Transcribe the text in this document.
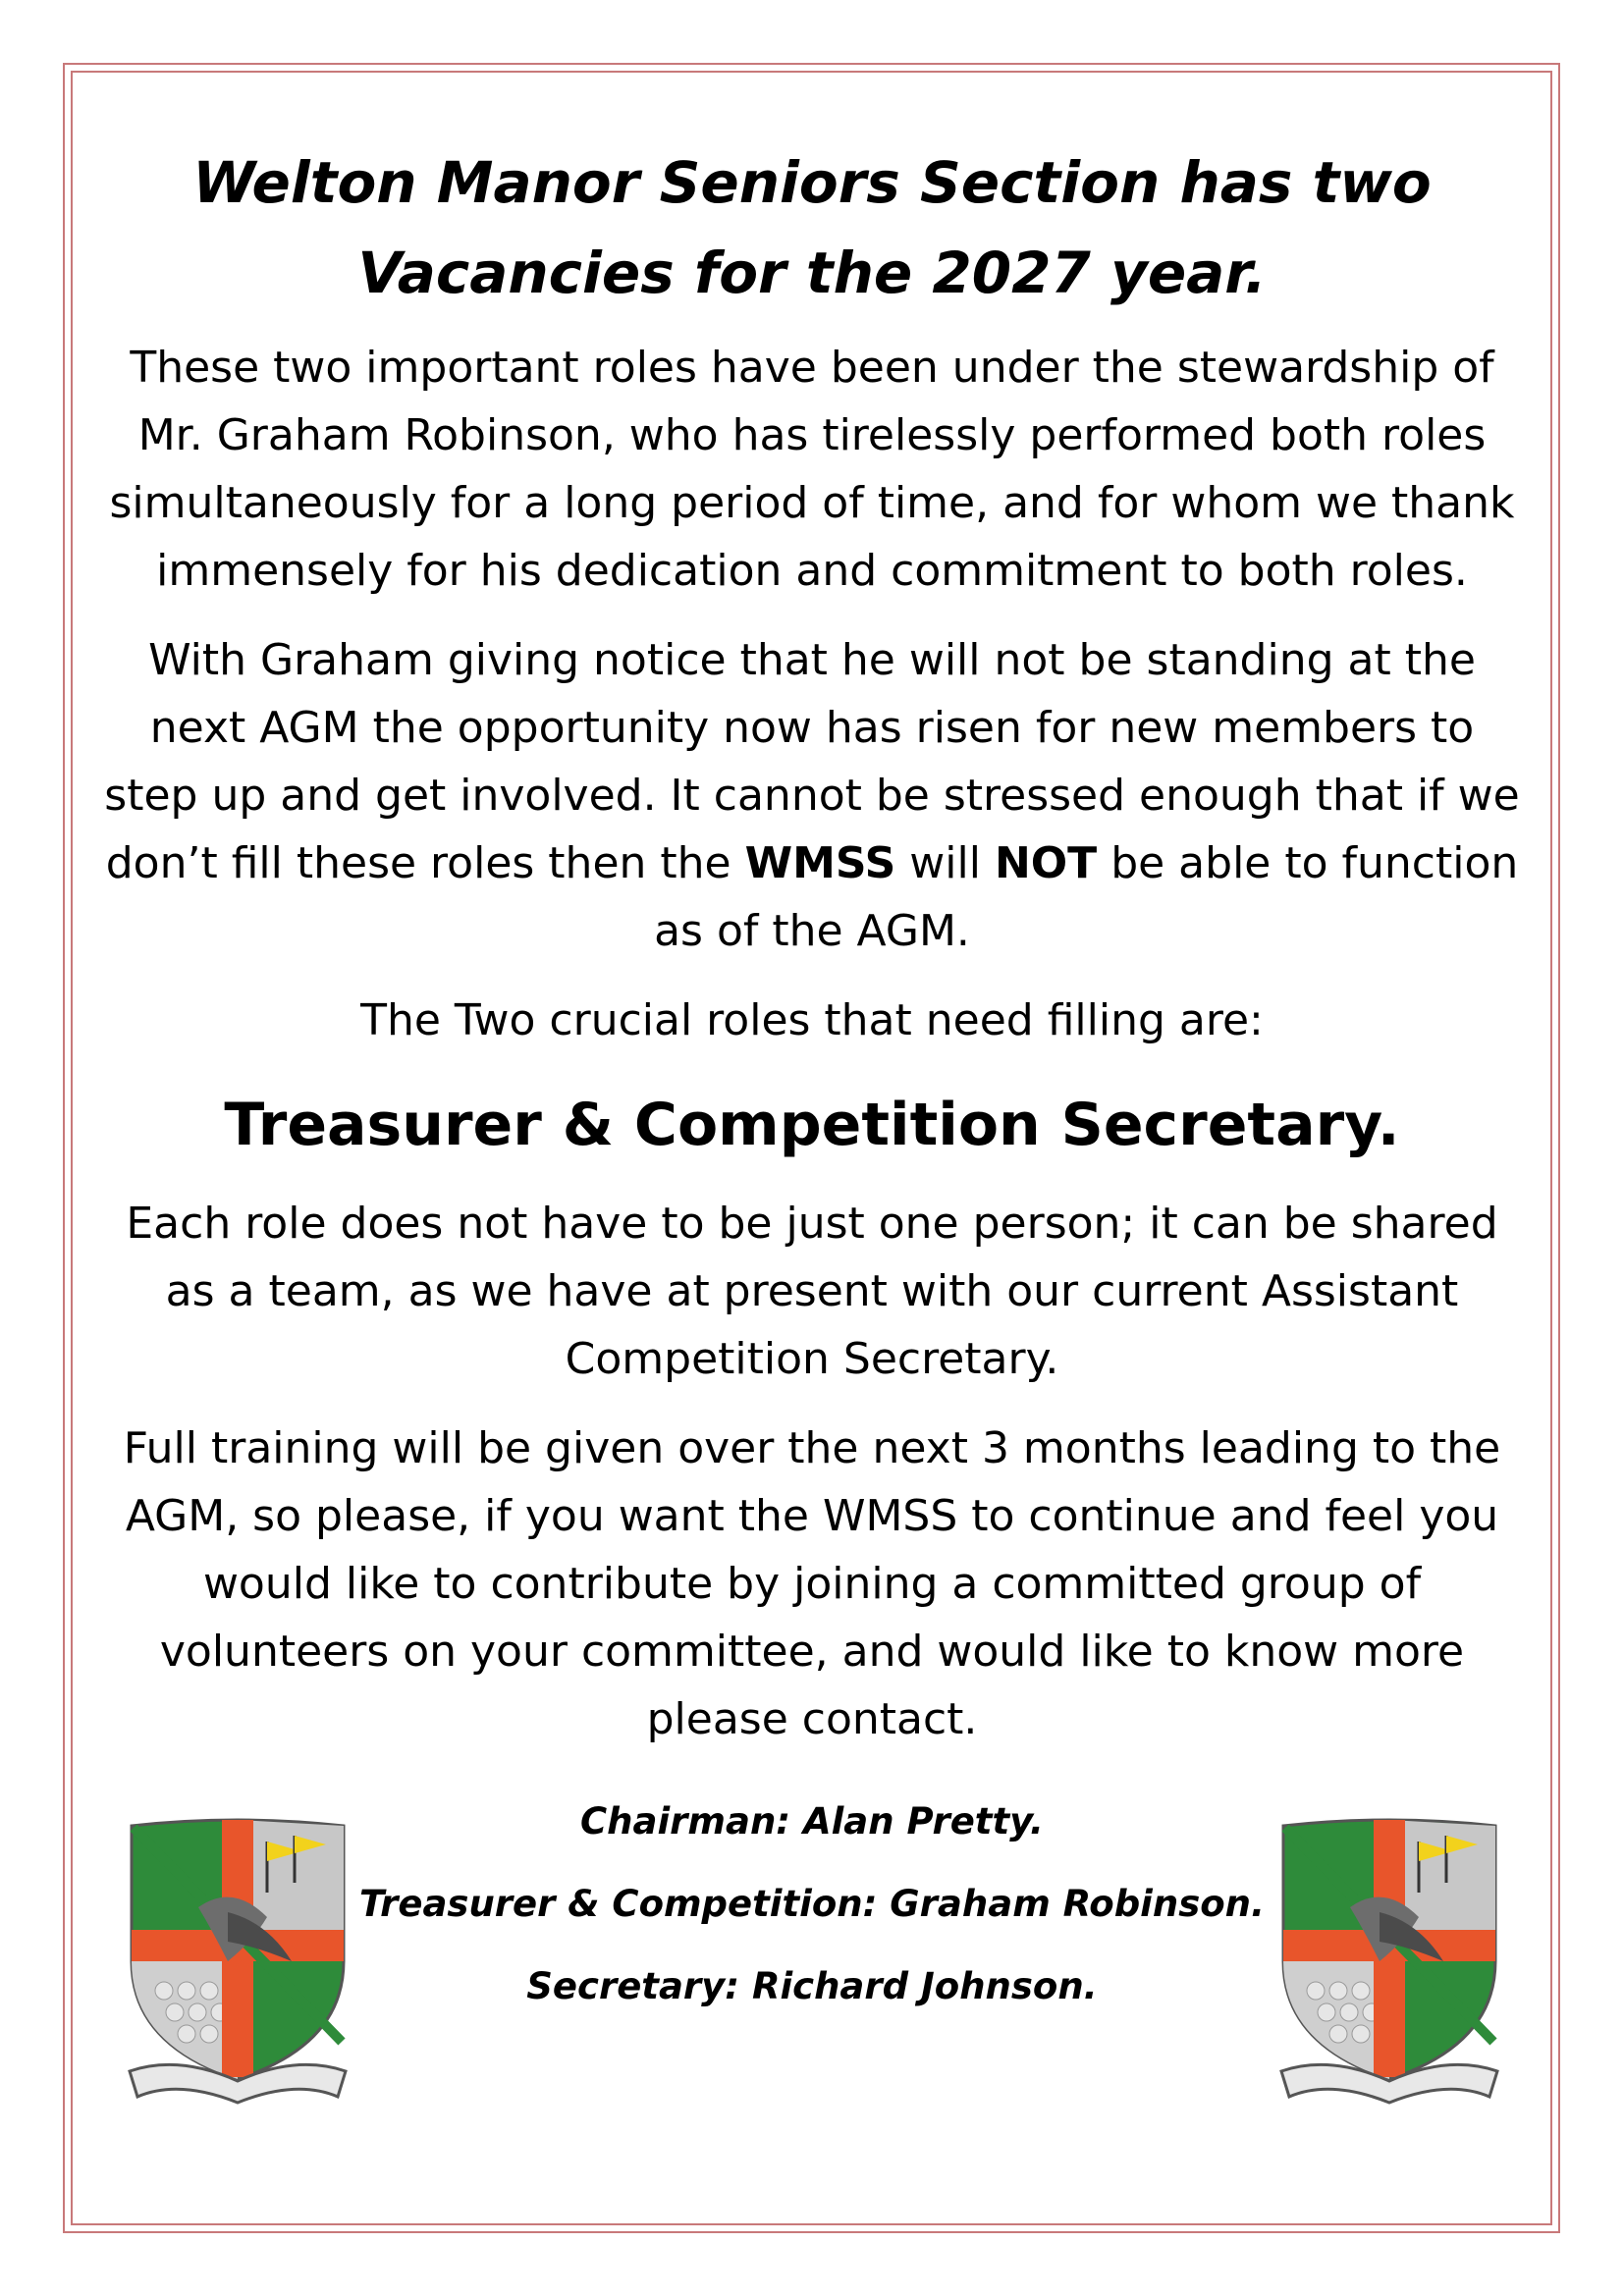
Welton Manor Seniors Section has two
Vacancies for the 2027 year.

These two important roles have been under the stewardship of Mr. Graham Robinson, who has tirelessly performed both roles simultaneously for a long period of time, and for whom we thank immensely for his dedication and commitment to both roles.

With Graham giving notice that he will not be standing at the next AGM the opportunity now has risen for new members to step up and get involved. It cannot be stressed enough that if we don’t fill these roles then the WMSS will NOT be able to function as of the AGM.

The Two crucial roles that need filling are:

Treasurer & Competition Secretary.

Each role does not have to be just one person; it can be shared as a team, as we have at present with our current Assistant Competition Secretary.

Full training will be given over the next 3 months leading to the AGM, so please, if you want the WMSS to continue and feel you would like to contribute by joining a committed group of volunteers on your committee, and would like to know more please contact.

Chairman: Alan Pretty.
Treasurer & Competition: Graham Robinson.
Secretary: Richard Johnson.
